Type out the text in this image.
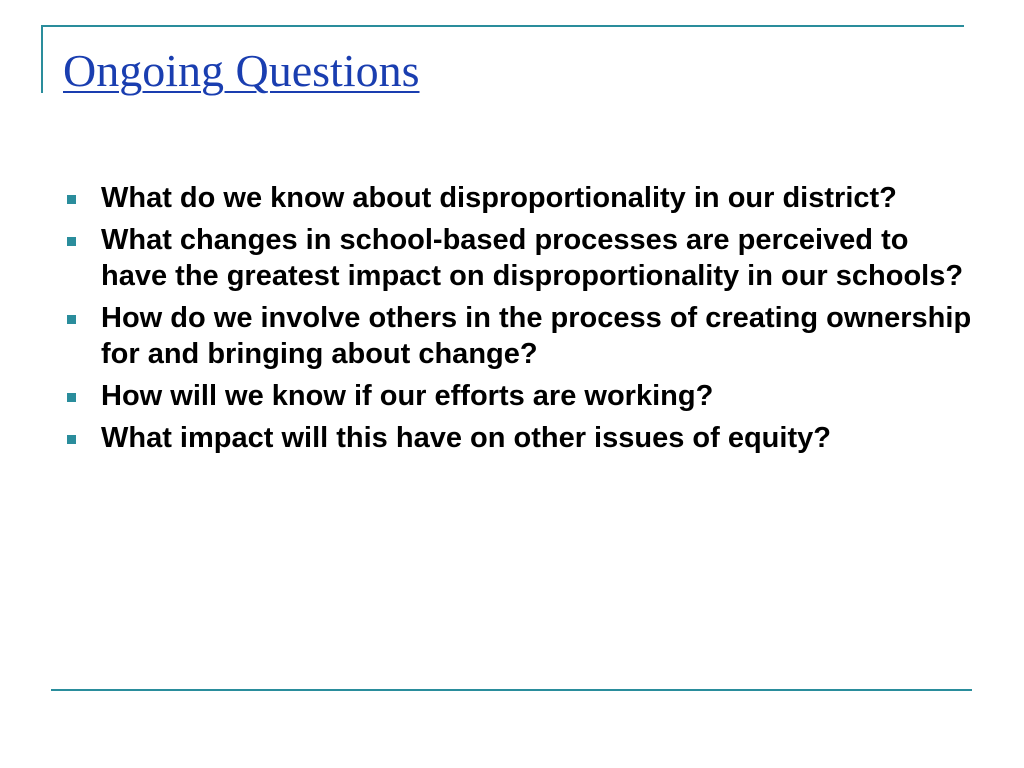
Ongoing Questions
What do we know about disproportionality in our district?
What changes in school-based processes are perceived to have the greatest impact on disproportionality in our schools?
How do we involve others in the process of creating ownership for and bringing about change?
How will we know if our efforts are working?
What impact will this have on other issues of equity?
